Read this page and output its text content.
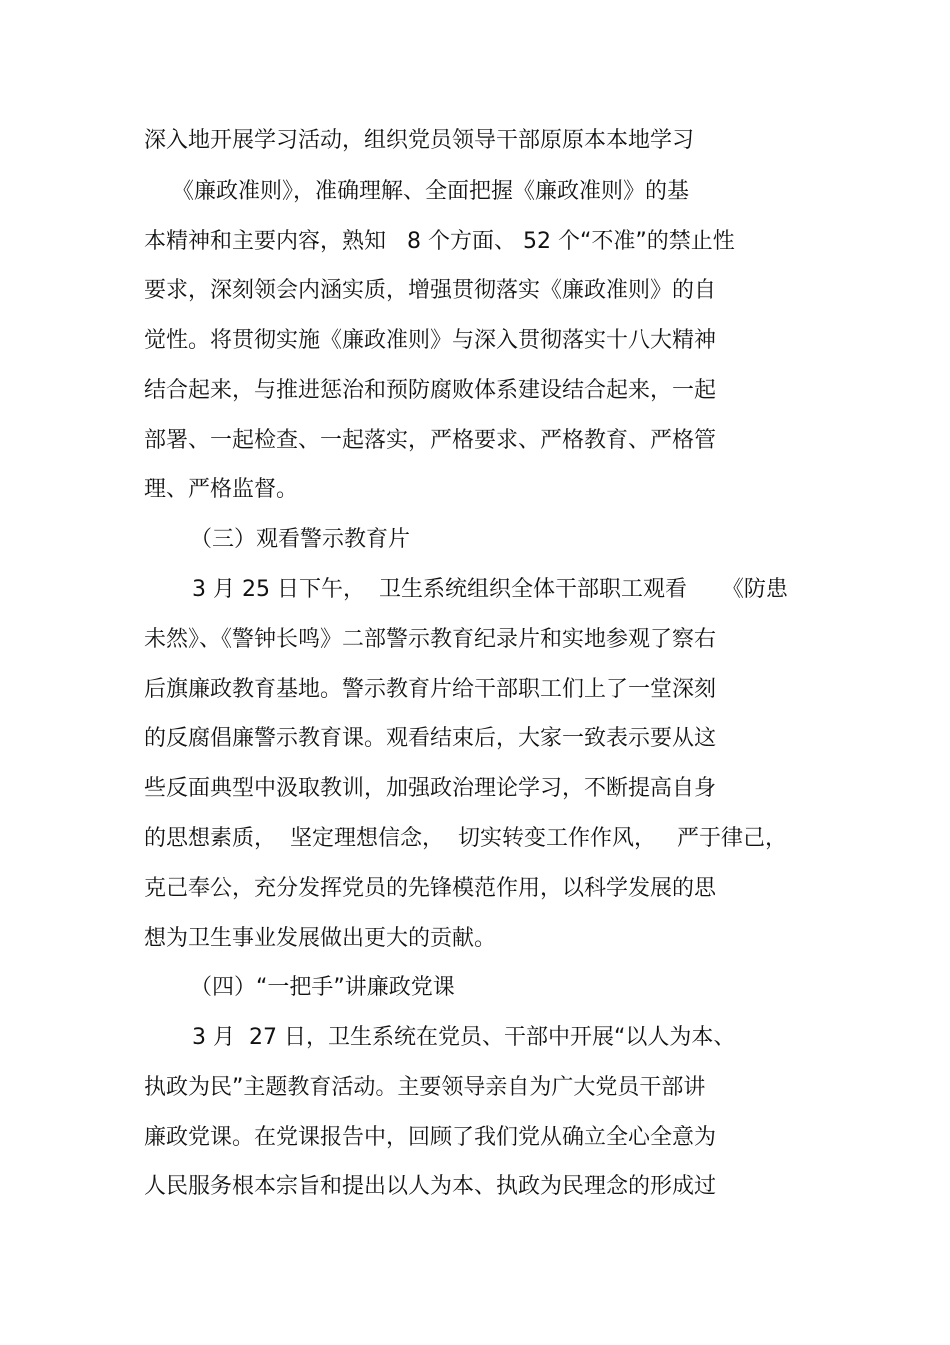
深入地开展学习活动，组织党员领导干部原原本本地学习
《廉政准则》，准确理解、全面把握《廉政准则》的基
本精神和主要内容，熟知   8 个方面、 52 个“不准”的禁止性
要求，深刻领会内涵实质，增强贯彻落实《廉政准则》的自
觉性。将贯彻实施《廉政准则》与深入贯彻落实十八大精神
结合起来，与推进惩治和预防腐败体系建设结合起来，一起
部署、一起检查、一起落实，严格要求、严格教育、严格管
理、严格监督。
（三）观看警示教育片
3 月 25 日下午，  卫生系统组织全体干部职工观看     《防患
未然》、《警钟长鸣》二部警示教育纪录片和实地参观了察右
后旗廉政教育基地。警示教育片给干部职工们上了一堂深刻
的反腐倡廉警示教育课。观看结束后，大家一致表示要从这
些反面典型中汲取教训，加强政治理论学习，不断提高自身
的思想素质，  坚定理想信念，  切实转变工作作风，   严于律己，
克己奉公，充分发挥党员的先锋模范作用，以科学发展的思
想为卫生事业发展做出更大的贡献。
（四）“一把手”讲廉政党课
3 月  27 日，卫生系统在党员、干部中开展“以人为本、
执政为民”主题教育活动。主要领导亲自为广大党员干部讲
廉政党课。在党课报告中，回顾了我们党从确立全心全意为
人民服务根本宗旨和提出以人为本、执政为民理念的形成过
